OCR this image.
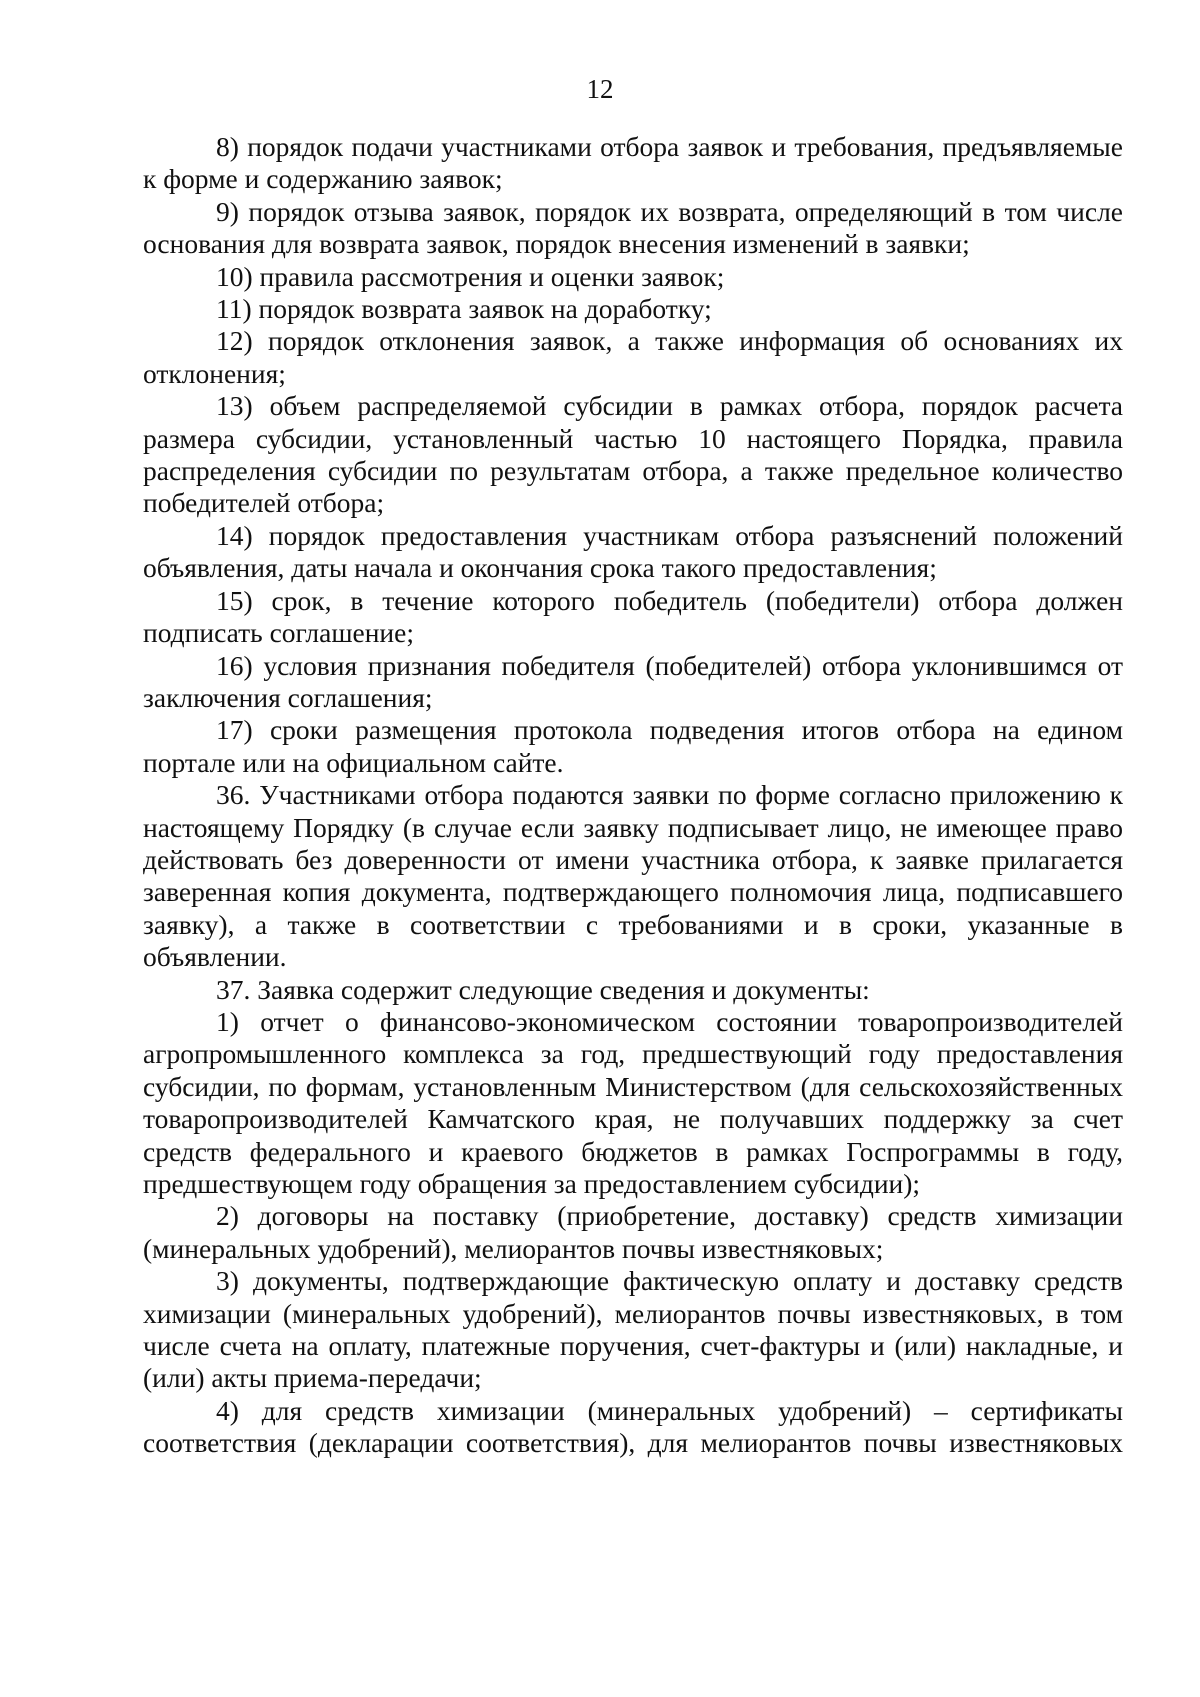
12

8) порядок подачи участниками отбора заявок и требования, предъявляемые к форме и содержанию заявок;

9) порядок отзыва заявок, порядок их возврата, определяющий в том числе основания для возврата заявок, порядок внесения изменений в заявки;

10) правила рассмотрения и оценки заявок;

11) порядок возврата заявок на доработку;

12) порядок отклонения заявок, а также информация об основаниях их отклонения;

13) объем распределяемой субсидии в рамках отбора, порядок расчета размера субсидии, установленный частью 10 настоящего Порядка, правила распределения субсидии по результатам отбора, а также предельное количество победителей отбора;

14) порядок предоставления участникам отбора разъяснений положений объявления, даты начала и окончания срока такого предоставления;

15) срок, в течение которого победитель (победители) отбора должен подписать соглашение;

16) условия признания победителя (победителей) отбора уклонившимся от заключения соглашения;

17) сроки размещения протокола подведения итогов отбора на едином портале или на официальном сайте.

36. Участниками отбора подаются заявки по форме согласно приложению к настоящему Порядку (в случае если заявку подписывает лицо, не имеющее право действовать без доверенности от имени участника отбора, к заявке прилагается заверенная копия документа, подтверждающего полномочия лица, подписавшего заявку), а также в соответствии с требованиями и в сроки, указанные в объявлении.

37. Заявка содержит следующие сведения и документы:

1) отчет о финансово-экономическом состоянии товаропроизводителей агропромышленного комплекса за год, предшествующий году предоставления субсидии, по формам, установленным Министерством (для сельскохозяйственных товаропроизводителей Камчатского края, не получавших поддержку за счет средств федерального и краевого бюджетов в рамках Госпрограммы в году, предшествующем году обращения за предоставлением субсидии);

2) договоры на поставку (приобретение, доставку) средств химизации (минеральных удобрений), мелиорантов почвы известняковых;

3) документы, подтверждающие фактическую оплату и доставку средств химизации (минеральных удобрений), мелиорантов почвы известняковых, в том числе счета на оплату, платежные поручения, счет-фактуры и (или) накладные, и (или) акты приема-передачи;

4) для средств химизации (минеральных удобрений) – сертификаты соответствия (декларации соответствия), для мелиорантов почвы известняковых
